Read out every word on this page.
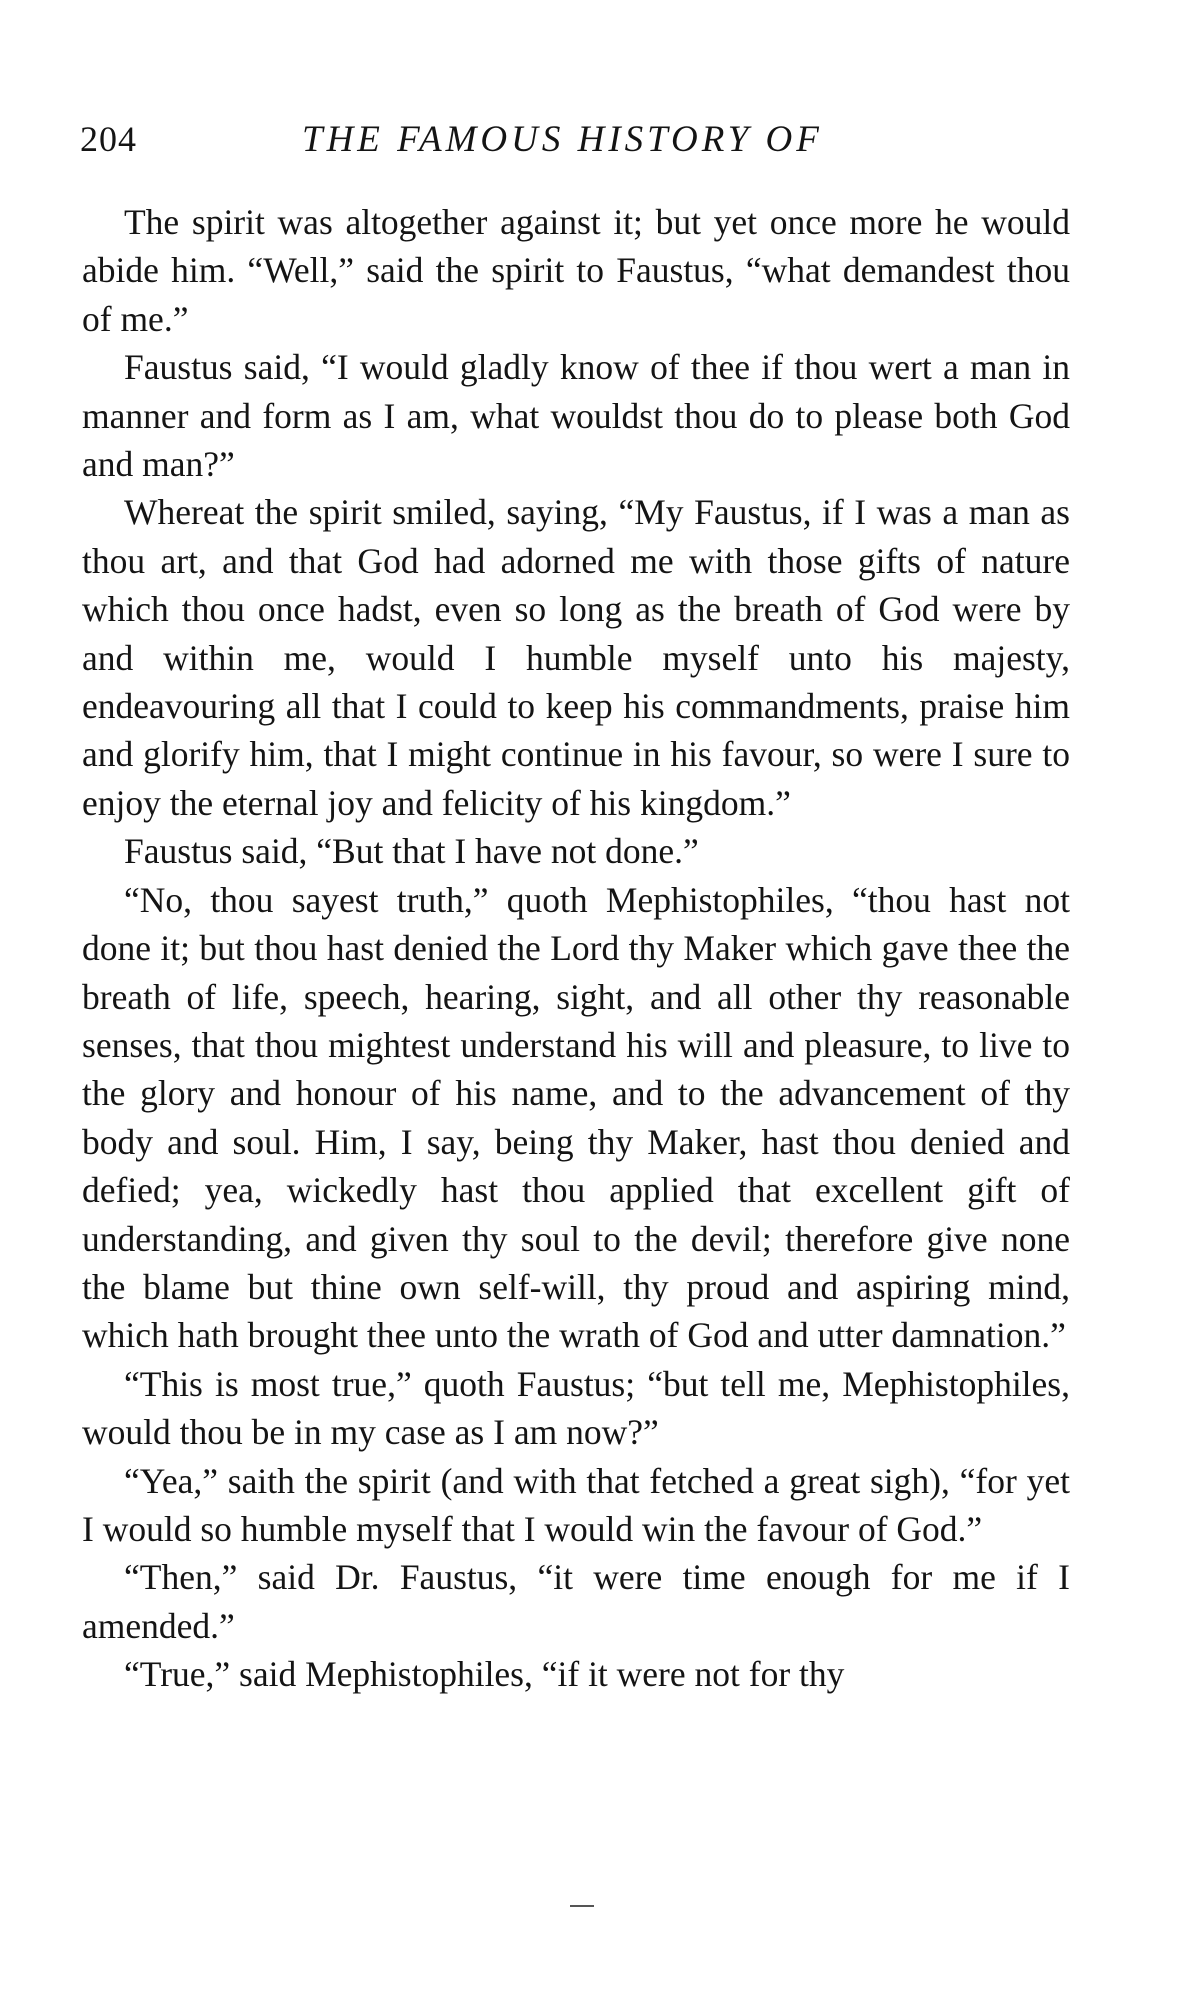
204	THE FAMOUS HISTORY OF

The spirit was altogether against it; but yet once more he would abide him. “Well,” said the spirit to Faustus, “what demandest thou of me.”

Faustus said, “I would gladly know of thee if thou wert a man in manner and form as I am, what wouldst thou do to please both God and man?”

Whereat the spirit smiled, saying, “My Faustus, if I was a man as thou art, and that God had adorned me with those gifts of nature which thou once hadst, even so long as the breath of God were by and within me, would I humble myself unto his majesty, endeavouring all that I could to keep his commandments, praise him and glorify him, that I might continue in his favour, so were I sure to enjoy the eternal joy and felicity of his kingdom.”

Faustus said, “But that I have not done.”

“No, thou sayest truth,” quoth Mephistophiles, “thou hast not done it; but thou hast denied the Lord thy Maker which gave thee the breath of life, speech, hearing, sight, and all other thy reasonable senses, that thou mightest understand his will and pleasure, to live to the glory and honour of his name, and to the advancement of thy body and soul. Him, I say, being thy Maker, hast thou denied and defied; yea, wickedly hast thou applied that excellent gift of understanding, and given thy soul to the devil; therefore give none the blame but thine own self-will, thy proud and aspiring mind, which hath brought thee unto the wrath of God and utter damnation.”

“This is most true,” quoth Faustus; “but tell me, Mephistophiles, would thou be in my case as I am now?”

“Yea,” saith the spirit (and with that fetched a great sigh), “for yet I would so humble myself that I would win the favour of God.”

“Then,” said Dr. Faustus, “it were time enough for me if I amended.”

“True,” said Mephistophiles, “if it were not for thy
